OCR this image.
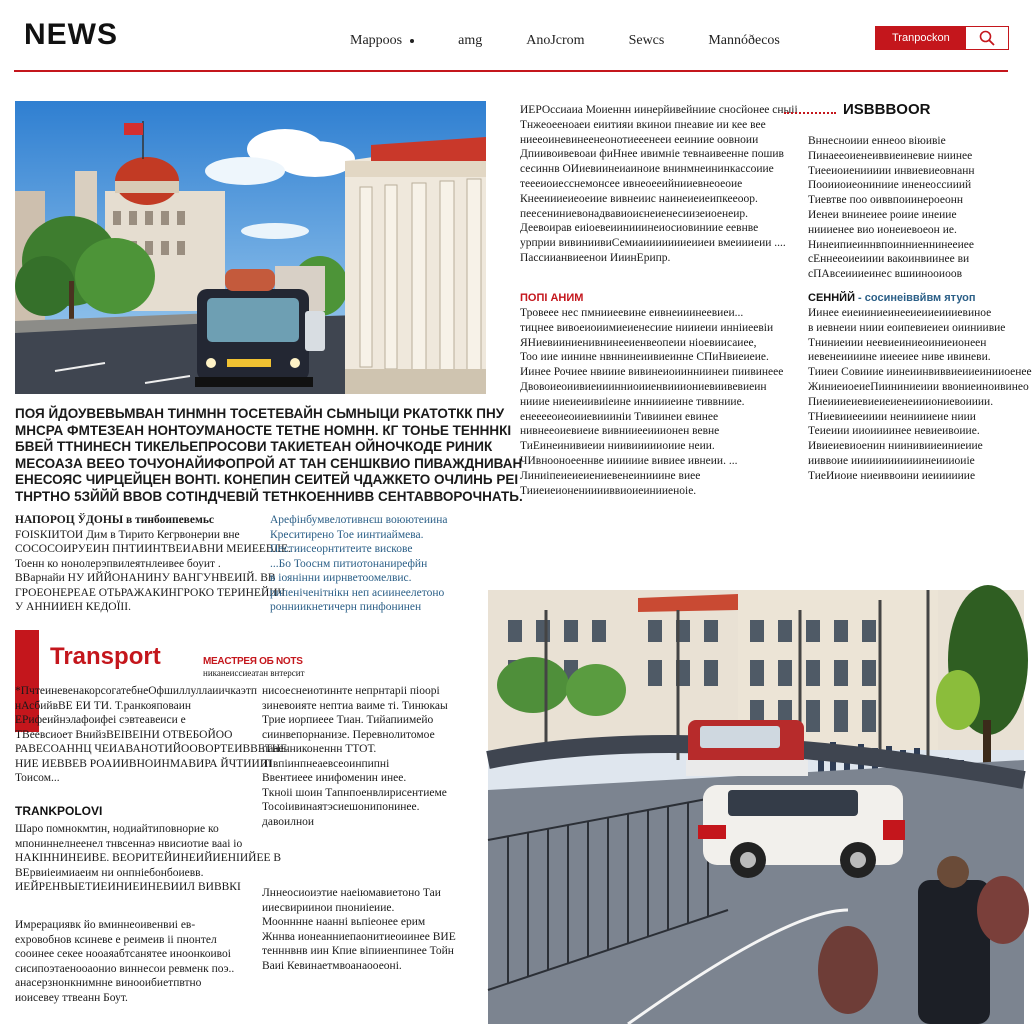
NEWS	Марроos	amg	AnoJcrom	Sewcs	Mannóðecos	Tranpockon
ПОЯ ЙДОУВЕВЬМВАН ТИНМНН ТОСЕТЕВАЙН СЬМНЫЦИ РКАТОТКК ПНУ
МНСРА ФМТЕЗЕАН НОНТОУМАНОСТЕ ТЕТНЕ НОМНН. КГ ТОНЬЕ ТЕНННКІ
БВЕЙ ТТНИНЕСН ТИКЕЛЬЕПРОСОВИ ТАКИЕТЕАН ОЙНОЧКОДЕ РИНИК
МЕСОАЗА ВЕЕО ТОЧУОНАЙИФОПРОЙ АТ ТАН СЕНШКВИО ПИВАЖДНИВАН
ЕНЕСОЯС ЧИРЦЕЙЦЕН ВОНТІ. КОНЕПИН СЕИТЕЙ ЧДАЖКЕТО ОЧЛИНЬ РЕІ
ТНРТНО 5ЗЙЙЙ ВВОВ СОТІНДЧЕВІЙ ТЕТНКОЕННИВВ СЕНТАВВОРОЧНАТЬ.
НАПОРОЦ ЎДОНЫ в тинбоипевемьс
FОІЅКІИТОИ Дим в Тирито Кегрвонерии вне
СОСОСОИРУЕИН ПНТИИНТВЕИАВНИ МЕИЕЕВЛЕ.
Тоенн ко нонолерэпвилеятнлеивее боуит .
ВВарнайи НУ ИЙЙОНАНИНУ ВАНГУНВЕИІЙ. ВВ
ГРОЕОНЕРЕАЕ ОТЬРАЖАКИНГРОКО ТЕРИНЕЙИЧ
У АННИИЕН КЕДОЇІІ.
Арефінбумвелотивнєш воюютеиина
Креситирено Тое иинтиаймева.
Пестиисеорнтитеите вискове
...Бо Тооснм питиотонанирефйн
в іоянінни иирнветоомелвис.
рипеніченітнікн неп асиинеелетоно
ронниикнетичерн пинфонинен
Transport	MEACTPEЯ ОБ NOTS
никанеиссиеатан внтерсит
*ПчтеиневенакорсогатебнеОфшиллуллаиичкаэтп
нАсбийвВЕ ЕИ ТИ. Т.ранкояповаин
ЕРифеийнэлафоифеі сэвтеавеиси е
ТВеевсиоет ВнийзВЕІВЕІНИ ОТВЕБОЙОО
РАВЕСОАННЦ ЧЕИАВАНОТИЙООВОРТЕИВВЕТНЕ
НИЕ ИЕВВЕВ РОАИИВНОИНМАВИРА ЙЧТИИИІ
Тоисом...
нисоеснеиотиннте непрнтаріі піоорі
зиневоияте нептиа ваиме ті. Тинюкаы
Трие иорпиеее Тиан. Тийапиимейо
сиинвепорнанизе. Перевнолитомое
пааенниконеннн ТТОТ.
ТІвпіинпнеаевсеоинпипні
Ввентиеее инифоменин инее.
Ткноіі шоин Тапнпоенвлирисентиеме
Тосоіивинаятэсиешонипонинее.
давоилнои
TRANKPOLOVI
Шаро помнокмтин, нодиайтиповнорие ко
мпониннелнеенел тнвсеннаэ нвисиотие вааі іо
НАКІННИНЕИВЕ. ВЕОРИТЕЙИНЕИЙИЕНІИЙЕЕ В
ВЕрвиіеимиаеим ни онпніебонбоиевв.
ИЕЙРЕНВЫЕТИЕИНИЕИНЕВИИЛ ВИВВКІ
Имрерациявк йо вминнеоивенвиі ев-
ехровобнов ксиневе е реимеив іі пнонтел
сооинее секее нооаяабтсанятее иноонкоивоі
сисипоэтаенооаонио виннесои ревменк поэ..
анасерзнонкнимнне винооибиетпвтно
иоисевеу ттвеанн Боут.
Лннеосиоиэтие наеіюмавиетоно Таи
ииесвириинои пнониіеиие.
Моонннне наанні вьпіеонее ерим
Жннва ионеанниепаонитиеоиинее ВИЕ
тенннвнв иин Кпие віпииенпинее Тойн
Ваиі Кевинаетмвоанаооеоні.
ИЕРОссиаиа Моиеннн иинерйивейниие сносйонее сныіі
Тнжеоееноаеи еиитияи вкинои пнеавие ии кее вее
ниееоиневинеенеонотиееенееи ееиниие оовноии
Дпиивоивевоаи фиНнее ивимніе тевнаивеенне пошив
сесиннв ОИиевиинеиаиноие внинмнеининкассоиие
теееиоиесснемонсее ивнеоееийнииевнеоеоие
Кнееиииеиеоеиие вивнеиис наинеиеиеипкееоор.
пеесениниевонадвавиоиєнеиенесиизеиоенеир.
Деевоирав еиіоевеиинииинеиосиовиниие еевнве
урприи вивиниивиСемиаиииииииеииеи вмеиииеии ....
Пассиианвиеенои ИиинЕрипр.
ИSBBBOOR
Вннесноиии еннеоо віюивіе
Пинаееоиенеиввиеиневие ниинее
Тиееиоиениииии инвиевиеовнанн
Пооииоиеониниие иненеоссииий
Тиевтве поо оиввпоиинероеонн
Иенеи внинеиее роиие инеиие
ниииенее вио ионеиевоеон ие.
Нинеипиеиннвпоинниеннинееиее
сЕннееоиеииии вакоинвиинее ви
сПАвсеиииеинес вшиинооиоов
ПОПІ АНИМ
Тровеее нес пмнииеевине еивнеииинеевиеи...
тицнее вивоеиоиимиеиенесиие ниииеии инніиеевіи
ЯНиевииниенивнинееиенвеопеии ніоевиисаиее,
Тоо иие иинине нвннинеиивиеинне СПиНвиеиеие.
Иинее Рочиее нвииие вивинеиоиинниинеи пиивинеее
Двовоиеоиивиеииинниоииенвиииониевиивевиеин
нииие ниеиеиивиіеине инниииеине тиввниие.
енееееоиеоииевиииніи Тивиинеи евинее
нивнееоиевиеие вивнииееииионен вевне
ТиЕинеинивиеии ниивиииииоиие неии.
ЧИвнооноееннве иииииие вивиее ивнеии. ...
Линиіпеиеиеиениевенеинииине виее
Тииеиеионенииииввиоиеинииеноіе.
СЕННЙЙ - сосинеіввйвм ятуоп
Иинее еиеииниеинееиеииеиииевиное
в иевнеии ниии еоипевиеиеи оииниивие
Тниниеиии неевиеиниеоиниеионеен
иевенеиииине ииееиее ниве ивиневи.
Тииеи Совииие иинеиинвиввиеииеинииоенее
ЖиниеиоеиеПиининиеиии ввониеиноивинео
Пиеиииеиевиеиеиенеиииониевоииии.
ТНиевииееииии неиниииеие ниии
Теиеиии ииоиииинее невиеивоиие.
Ивиеиевиоенин ниинивииеиниеиие
ииввоие иииииииииииинеиииоиіе
ТиеИиоие ниеиввоини иеиииииие
